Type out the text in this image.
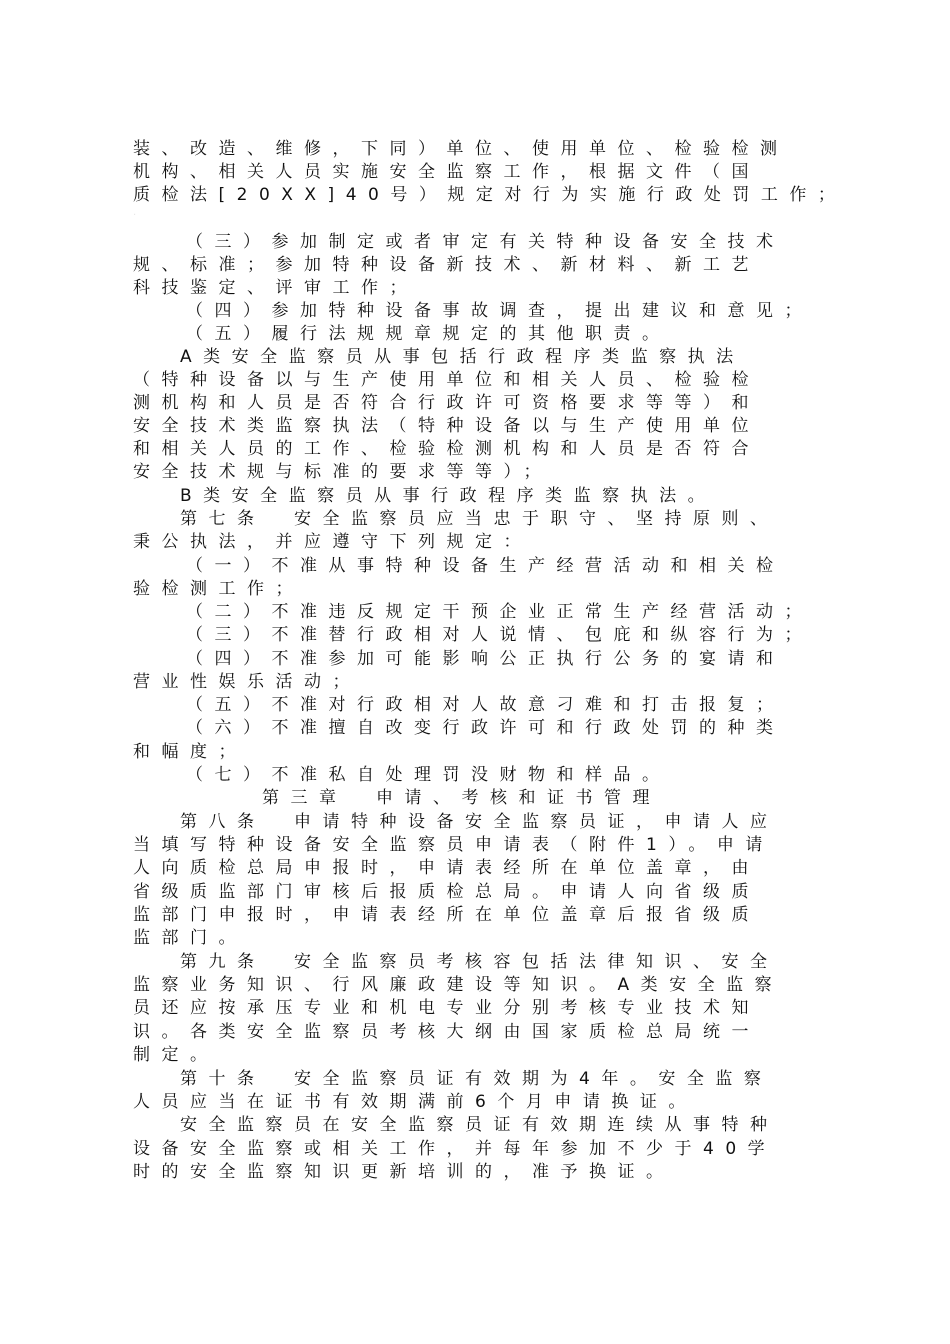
装、改造、维修，下同）单位、使用单位、检验检测
机构、相关人员实施安全监察工作，根据文件（国
质检法[20XX]40号）规定对行为实施行政处罚工作；
·
（三）参加制定或者审定有关特种设备安全技术
规、标准；参加特种设备新技术、新材料、新工艺
科技鉴定、评审工作；
（四）参加特种设备事故调查，提出建议和意见；
（五）履行法规规章规定的其他职责。
A类安全监察员从事包括行政程序类监察执法
（特种设备以与生产使用单位和相关人员、检验检
测机构和人员是否符合行政许可资格要求等等）和
安全技术类监察执法（特种设备以与生产使用单位
和相关人员的工作、检验检测机构和人员是否符合
安全技术规与标准的要求等等）；
B类安全监察员从事行政程序类监察执法。
第七条　安全监察员应当忠于职守、坚持原则、
秉公执法，并应遵守下列规定：
（一）不准从事特种设备生产经营活动和相关检
验检测工作；
（二）不准违反规定干预企业正常生产经营活动；
（三）不准替行政相对人说情、包庇和纵容行为；
（四）不准参加可能影响公正执行公务的宴请和
营业性娱乐活动；
（五）不准对行政相对人故意刁难和打击报复；
（六）不准擅自改变行政许可和行政处罚的种类
和幅度；
（七）不准私自处理罚没财物和样品。
第三章　申请、考核和证书管理
第八条　申请特种设备安全监察员证，申请人应
当填写特种设备安全监察员申请表（附件1）。申请
人向质检总局申报时，申请表经所在单位盖章，由
省级质监部门审核后报质检总局。申请人向省级质
监部门申报时，申请表经所在单位盖章后报省级质
监部门。
第九条　安全监察员考核容包括法律知识、安全
监察业务知识、行风廉政建设等知识。A类安全监察
员还应按承压专业和机电专业分别考核专业技术知
识。各类安全监察员考核大纲由国家质检总局统一
制定。
第十条　安全监察员证有效期为4年。安全监察
人员应当在证书有效期满前6个月申请换证。
安全监察员在安全监察员证有效期连续从事特种
设备安全监察或相关工作，并每年参加不少于40学
时的安全监察知识更新培训的，准予换证。
